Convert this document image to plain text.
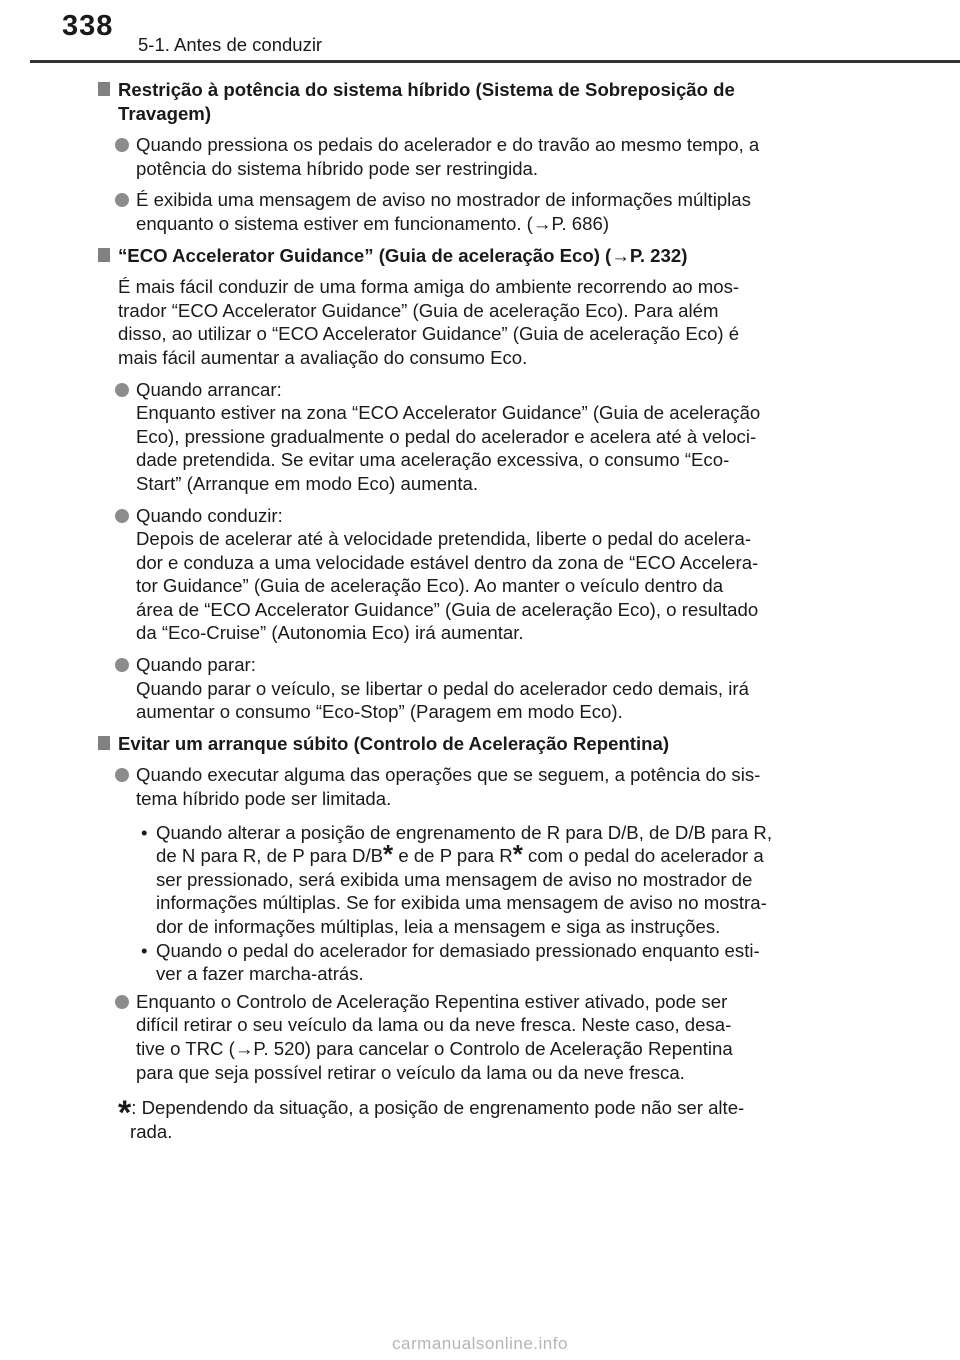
338
5-1. Antes de conduzir
Restrição à potência do sistema híbrido (Sistema de Sobreposição de
Travagem)
Quando pressiona os pedais do acelerador e do travão ao mesmo tempo, a
potência do sistema híbrido pode ser restringida.
É exibida uma mensagem de aviso no mostrador de informações múltiplas
enquanto o sistema estiver em funcionamento. (→P. 686)
“ECO Accelerator Guidance” (Guia de aceleração Eco) (→P. 232)
É mais fácil conduzir de uma forma amiga do ambiente recorrendo ao mos-
trador “ECO Accelerator Guidance” (Guia de aceleração Eco). Para além
disso, ao utilizar o “ECO Accelerator Guidance” (Guia de aceleração Eco) é
mais fácil aumentar a avaliação do consumo Eco.
Quando arrancar:
Enquanto estiver na zona “ECO Accelerator Guidance” (Guia de aceleração
Eco), pressione gradualmente o pedal do acelerador e acelera até à veloci-
dade pretendida. Se evitar uma aceleração excessiva, o consumo “Eco-
Start” (Arranque em modo Eco) aumenta.
Quando conduzir:
Depois de acelerar até à velocidade pretendida, liberte o pedal do acelera-
dor e conduza a uma velocidade estável dentro da zona de “ECO Accelera-
tor Guidance” (Guia de aceleração Eco). Ao manter o veículo dentro da
área de “ECO Accelerator Guidance” (Guia de aceleração Eco), o resultado
da “Eco-Cruise” (Autonomia Eco) irá aumentar.
Quando parar:
Quando parar o veículo, se libertar o pedal do acelerador cedo demais, irá
aumentar o consumo “Eco-Stop” (Paragem em modo Eco).
Evitar um arranque súbito (Controlo de Aceleração Repentina)
Quando executar alguma das operações que se seguem, a potência do sis-
tema híbrido pode ser limitada.
• Quando alterar a posição de engrenamento de R para D/B, de D/B para R,
de N para R, de P para D/B* e de P para R* com o pedal do acelerador a
ser pressionado, será exibida uma mensagem de aviso no mostrador de
informações múltiplas. Se for exibida uma mensagem de aviso no mostra-
dor de informações múltiplas, leia a mensagem e siga as instruções.
• Quando o pedal do acelerador for demasiado pressionado enquanto esti-
ver a fazer marcha-atrás.
Enquanto o Controlo de Aceleração Repentina estiver ativado, pode ser
difícil retirar o seu veículo da lama ou da neve fresca. Neste caso, desa-
tive o TRC (→P. 520) para cancelar o Controlo de Aceleração Repentina
para que seja possível retirar o veículo da lama ou da neve fresca.
*: Dependendo da situação, a posição de engrenamento pode não ser alte-
rada.
carmanualsonline.info
